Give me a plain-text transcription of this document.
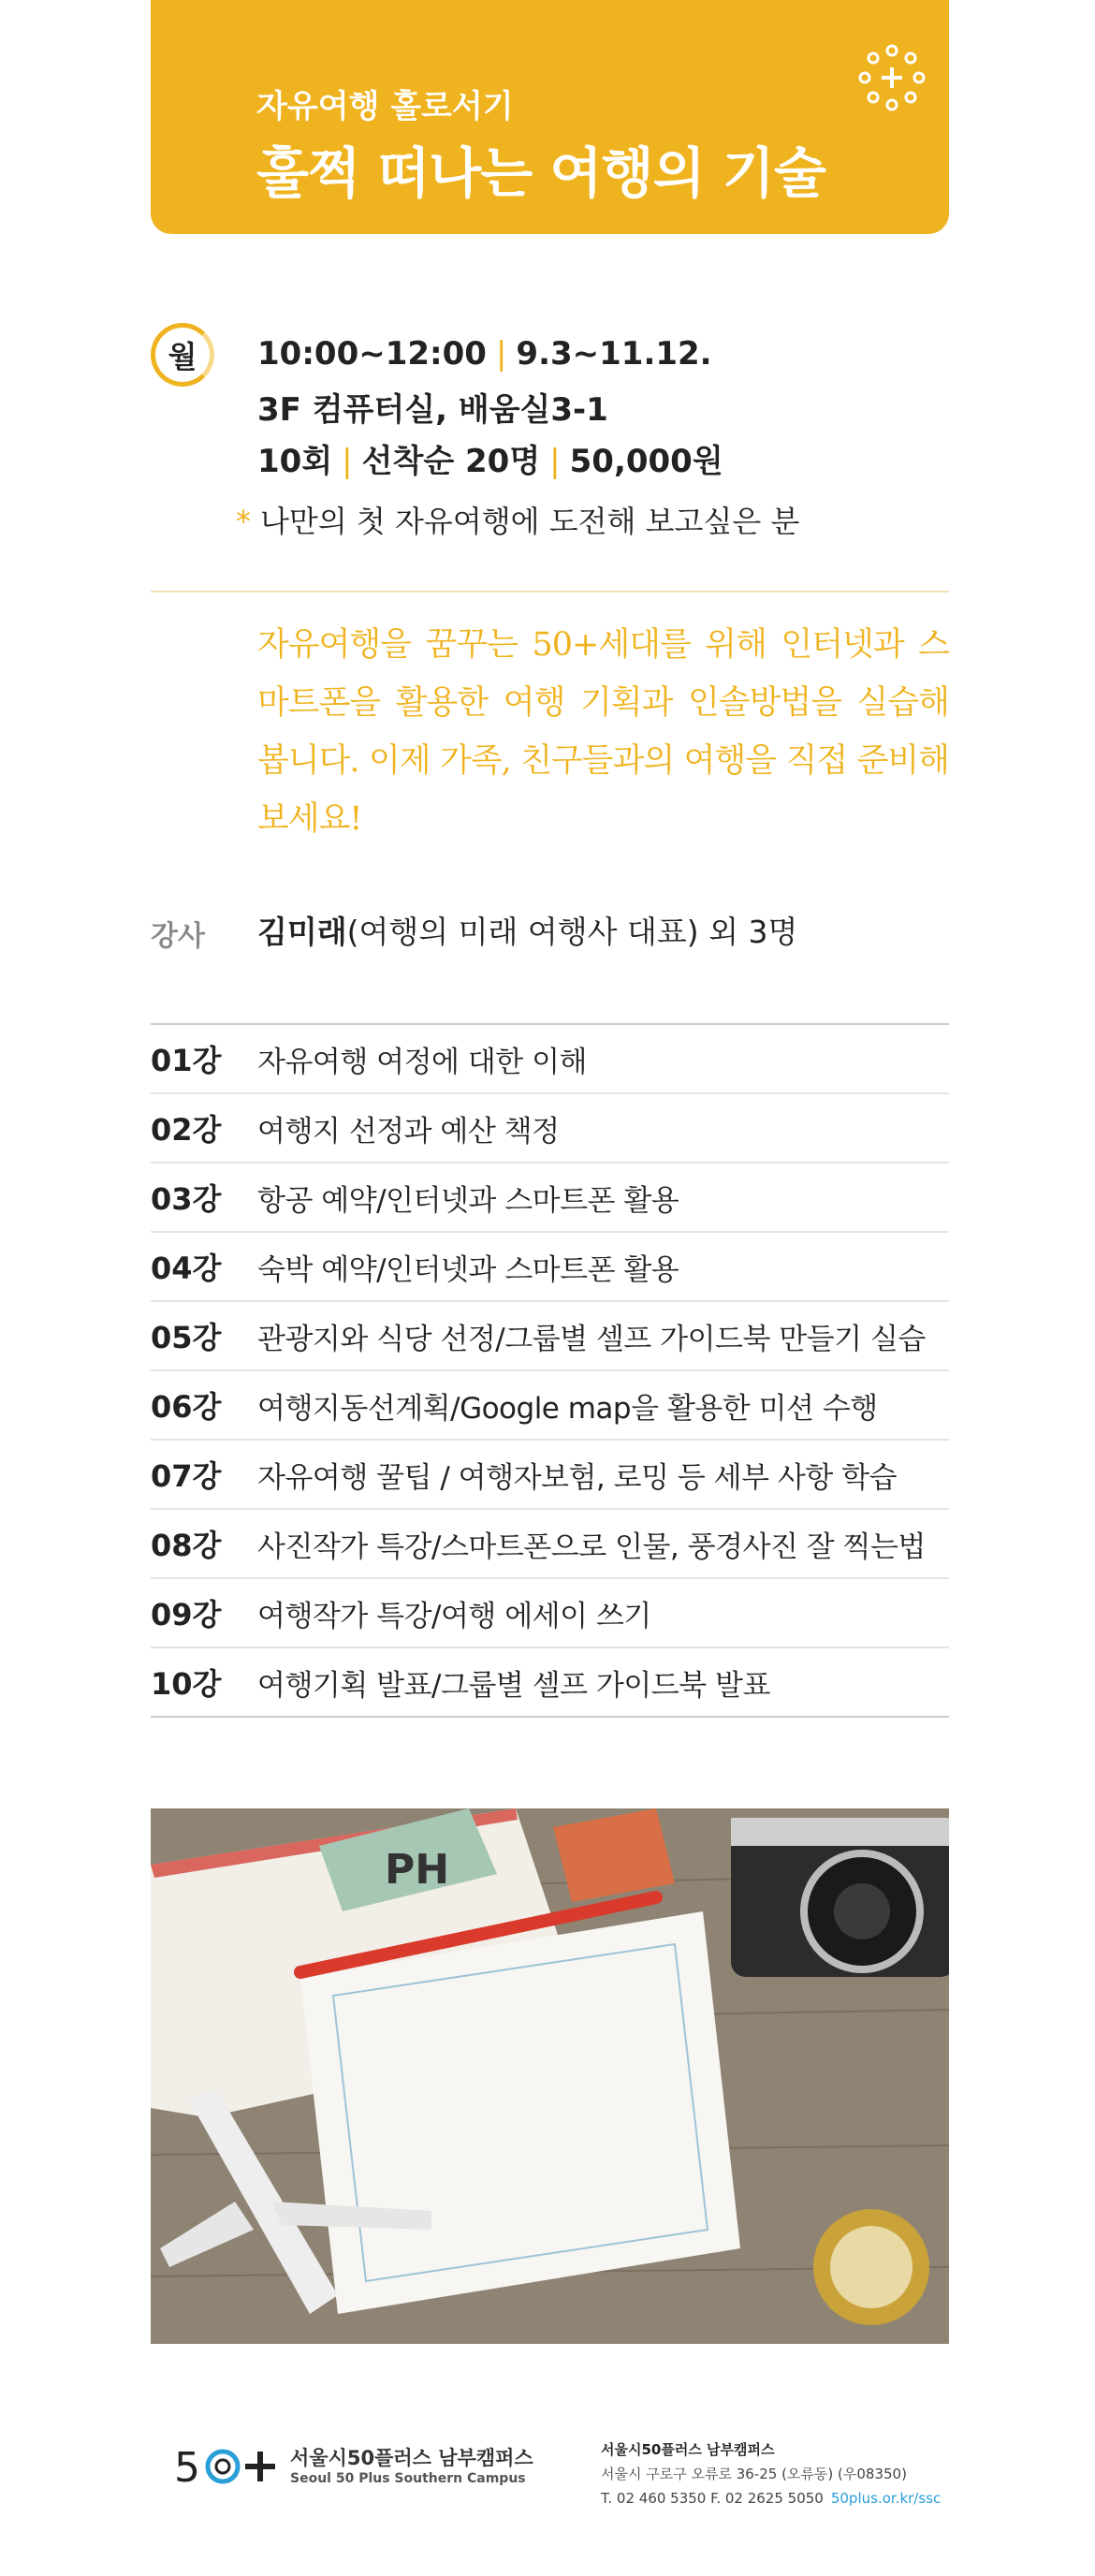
자유여행 홀로서기
훌쩍 떠나는 여행의 기술
월	10:00~12:00 | 9.3~11.12.
3F 컴퓨터실, 배움실3-1
10회 | 선착순 20명 | 50,000원
* 나만의 첫 자유여행에 도전해 보고싶은 분
자유여행을 꿈꾸는 50+세대를 위해 인터넷과 스마트폰을 활용한 여행 기획과 인솔방법을 실습해봅니다. 이제 가족, 친구들과의 여행을 직접 준비해보세요!
강사 김미래(여행의 미래 여행사 대표) 외 3명
01강	자유여행 여정에 대한 이해
02강	여행지 선정과 예산 책정
03강	항공 예약/인터넷과 스마트폰 활용
04강	숙박 예약/인터넷과 스마트폰 활용
05강	관광지와 식당 선정/그룹별 셀프 가이드북 만들기 실습
06강	여행지동선계획/Google map을 활용한 미션 수행
07강	자유여행 꿀팁 / 여행자보험, 로밍 등 세부 사항 학습
08강	사진작가 특강/스마트폰으로 인물, 풍경사진 잘 찍는법
09강	여행작가 특강/여행 에세이 쓰기
10강	여행기획 발표/그룹별 셀프 가이드북 발표
PH
5	서울시50플러스 남부캠퍼스
Seoul 50 Plus Southern Campus
서울시50플러스 남부캠퍼스
서울시 구로구 오류로 36-25 (오류동) (우08350)
T. 02 460 5350 F. 02 2625 5050 50plus.or.kr/ssc
